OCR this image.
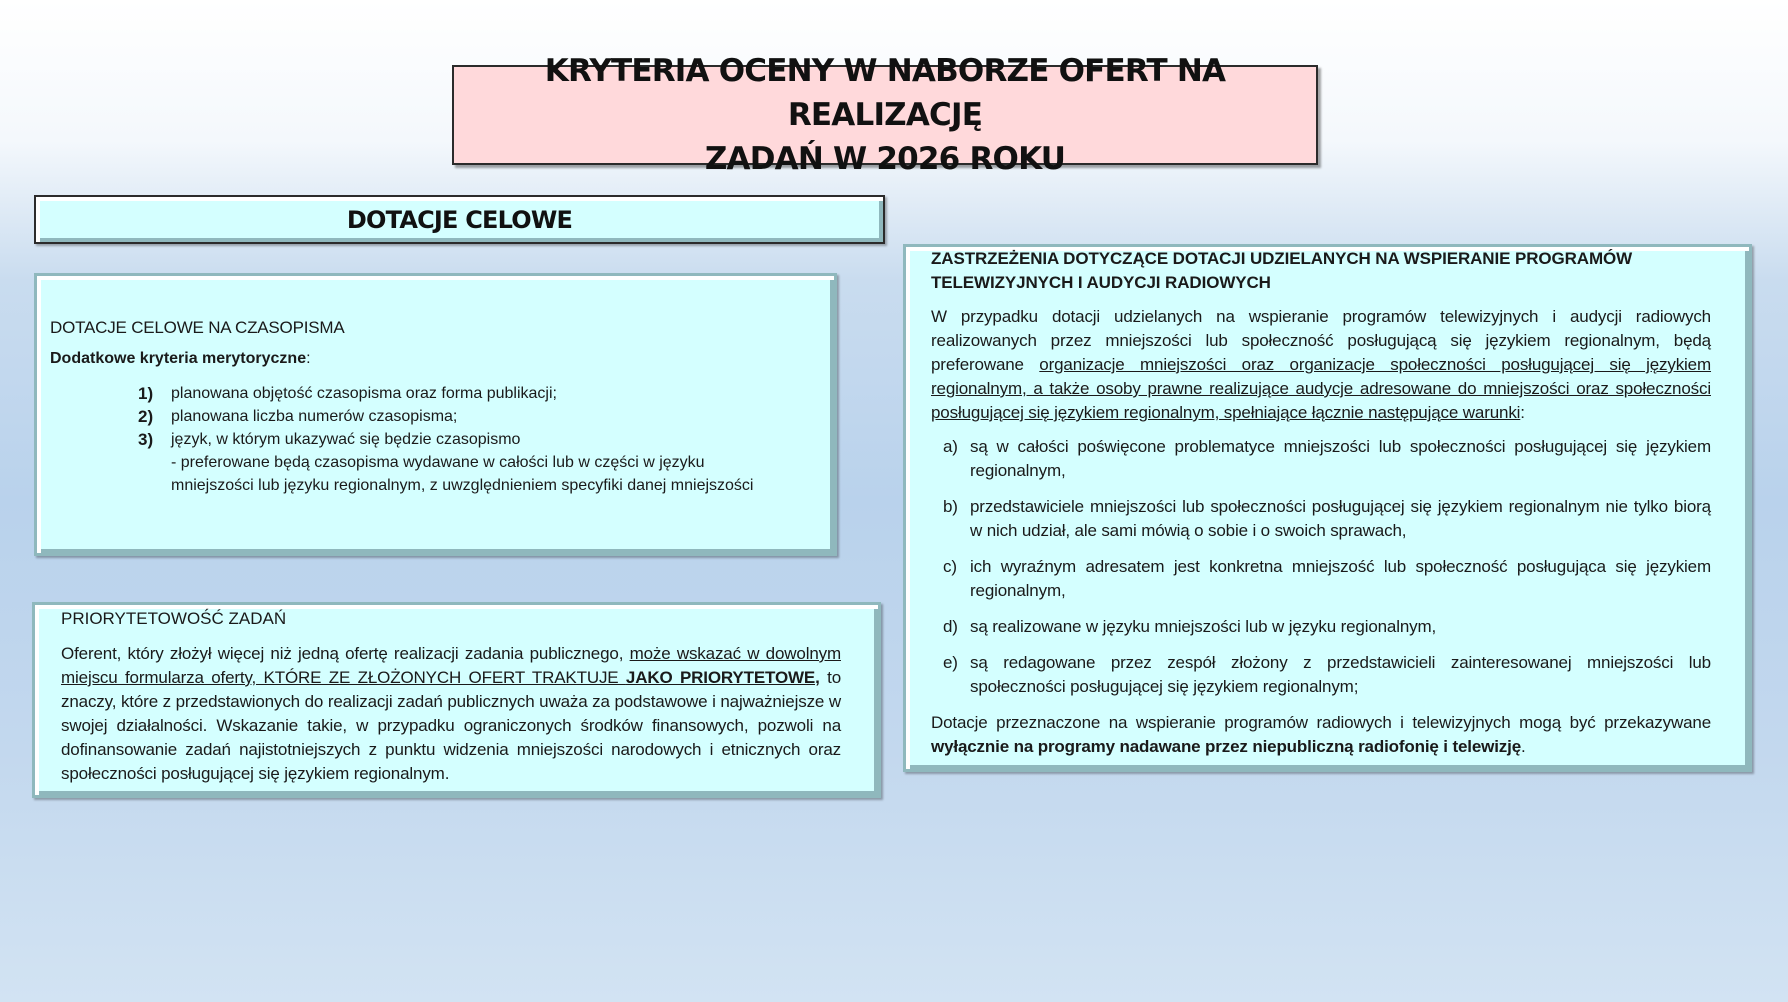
KRYTERIA OCENY W NABORZE OFERT NA REALIZACJĘ
ZADAŃ W 2026 ROKU
DOTACJE CELOWE
DOTACJE CELOWE NA CZASOPISMA
Dodatkowe kryteria merytoryczne:
1)	planowana objętość czasopisma oraz forma publikacji;
2)	planowana liczba numerów czasopisma;
3)	język, w którym ukazywać się będzie czasopismo
- preferowane będą czasopisma wydawane w całości lub w części w języku mniejszości lub języku regionalnym, z uwzględnieniem specyfiki danej mniejszości
PRIORYTETOWOŚĆ ZADAŃ
Oferent, który złożył więcej niż jedną ofertę realizacji zadania publicznego, może wskazać w dowolnym miejscu formularza oferty, KTÓRE ZE ZŁOŻONYCH OFERT TRAKTUJE JAKO PRIORYTETOWE, to znaczy, które z przedstawionych do realizacji zadań publicznych uważa za podstawowe i najważniejsze w swojej działalności. Wskazanie takie, w przypadku ograniczonych środków finansowych, pozwoli na dofinansowanie zadań najistotniejszych z punktu widzenia mniejszości narodowych i etnicznych oraz społeczności posługującej się językiem regionalnym.
ZASTRZEŻENIA DOTYCZĄCE DOTACJI UDZIELANYCH NA WSPIERANIE PROGRAMÓW TELEWIZYJNYCH I AUDYCJI RADIOWYCH
W przypadku dotacji udzielanych na wspieranie programów telewizyjnych i audycji radiowych realizowanych przez mniejszości lub społeczność posługującą się językiem regionalnym, będą preferowane organizacje mniejszości oraz organizacje społeczności posługującej się językiem regionalnym, a także osoby prawne realizujące audycje adresowane do mniejszości oraz społeczności posługującej się językiem regionalnym, spełniające łącznie następujące warunki:
a) są w całości poświęcone problematyce mniejszości lub społeczności posługującej się językiem regionalnym,
b) przedstawiciele mniejszości lub społeczności posługującej się językiem regionalnym nie tylko biorą w nich udział, ale sami mówią o sobie i o swoich sprawach,
c) ich wyraźnym adresatem jest konkretna mniejszość lub społeczność posługująca się językiem regionalnym,
d) są realizowane w języku mniejszości lub w języku regionalnym,
e) są redagowane przez zespół złożony z przedstawicieli zainteresowanej mniejszości lub społeczności posługującej się językiem regionalnym;
Dotacje przeznaczone na wspieranie programów radiowych i telewizyjnych mogą być przekazywane wyłącznie na programy nadawane przez niepubliczną radiofonię i telewizję.
